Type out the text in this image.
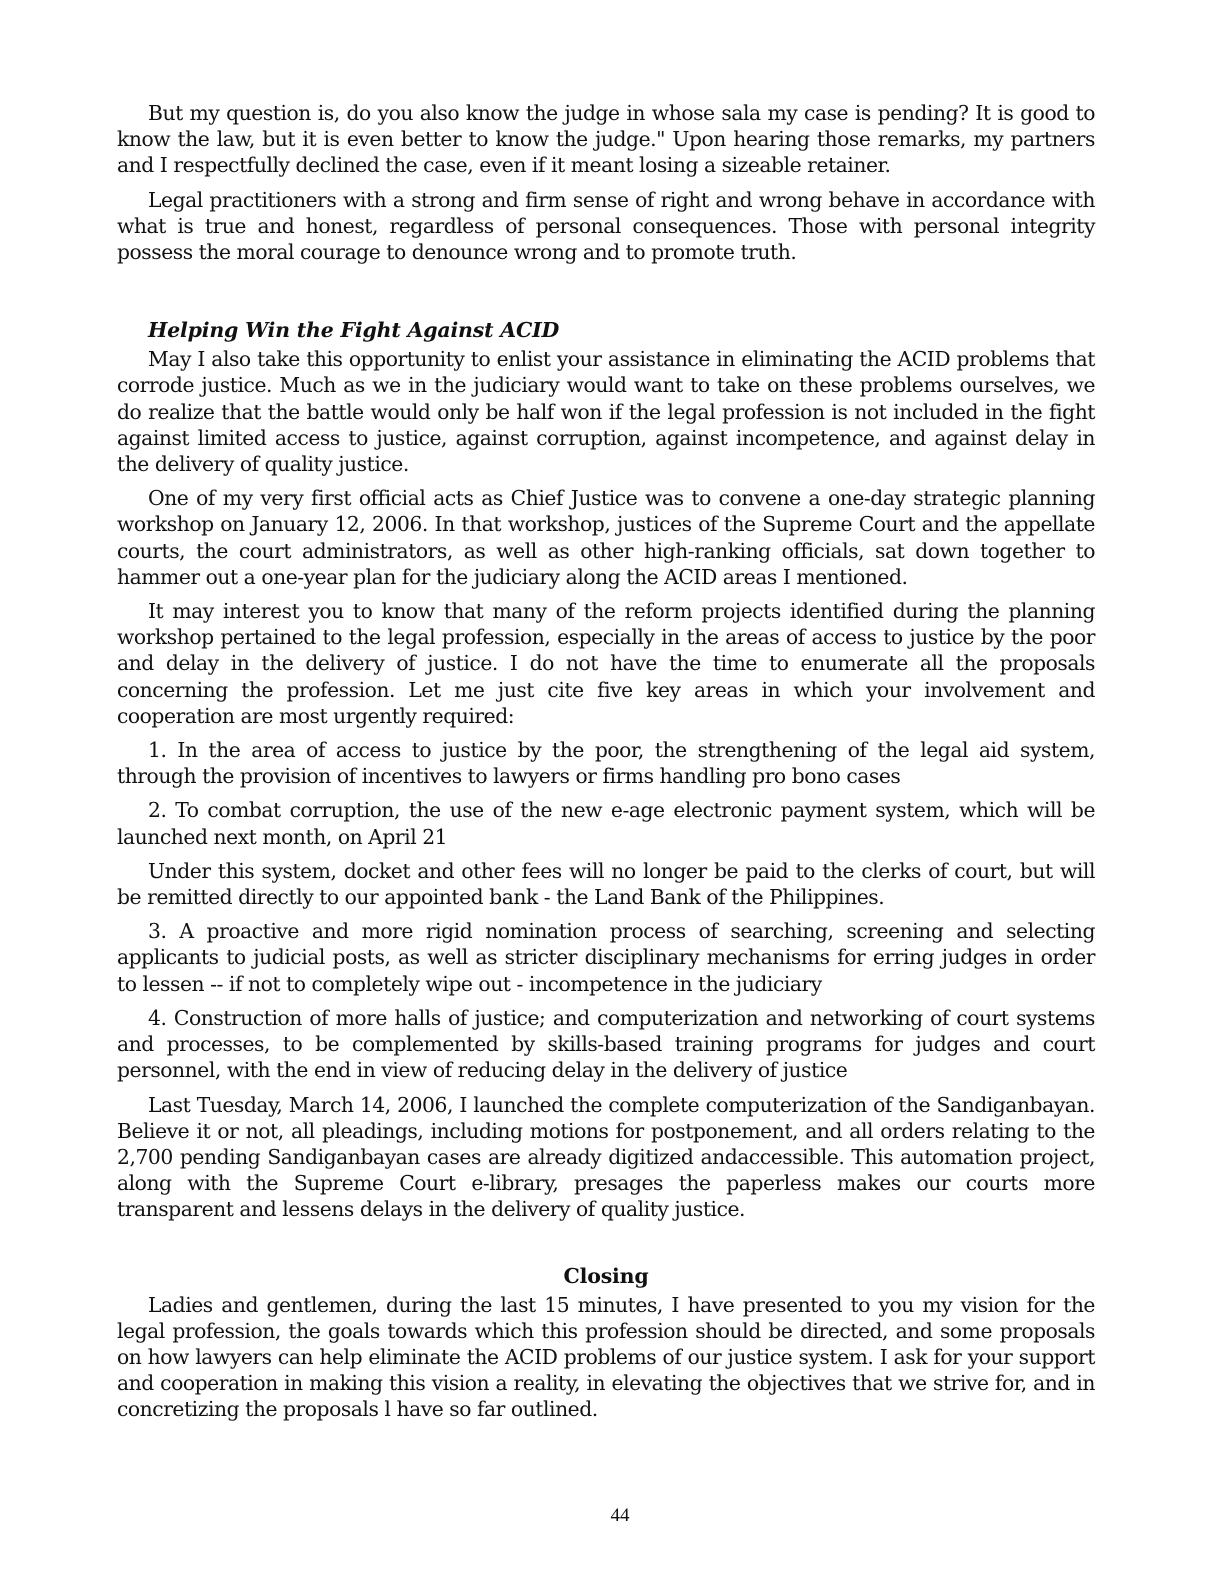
But my question is, do you also know the judge in whose sala my case is pending? It is good to know the law, but it is even better to know the judge." Upon hearing those remarks, my partners and I respectfully declined the case, even if it meant losing a sizeable retainer.

Legal practitioners with a strong and firm sense of right and wrong behave in accordance with what is true and honest, regardless of personal consequences. Those with personal integrity possess the moral courage to denounce wrong and to promote truth.

Helping Win the Fight Against ACID

May I also take this opportunity to enlist your assistance in eliminating the ACID problems that corrode justice. Much as we in the judiciary would want to take on these problems ourselves, we do realize that the battle would only be half won if the legal profession is not included in the fight against limited access to justice, against corruption, against incompetence, and against delay in the delivery of quality justice.

One of my very first official acts as Chief Justice was to convene a one-day strategic planning workshop on January 12, 2006. In that workshop, justices of the Supreme Court and the appellate courts, the court administrators, as well as other high-ranking officials, sat down together to hammer out a one-year plan for the judiciary along the ACID areas I mentioned.

It may interest you to know that many of the reform projects identified during the planning workshop pertained to the legal profession, especially in the areas of access to justice by the poor and delay in the delivery of justice. I do not have the time to enumerate all the proposals concerning the profession. Let me just cite five key areas in which your involvement and cooperation are most urgently required:

1. In the area of access to justice by the poor, the strengthening of the legal aid system, through the provision of incentives to lawyers or firms handling pro bono cases

2. To combat corruption, the use of the new e-age electronic payment system, which will be launched next month, on April 21

Under this system, docket and other fees will no longer be paid to the clerks of court, but will be remitted directly to our appointed bank - the Land Bank of the Philippines.

3. A proactive and more rigid nomination process of searching, screening and selecting applicants to judicial posts, as well as stricter disciplinary mechanisms for erring judges in order to lessen -- if not to completely wipe out - incompetence in the judiciary

4. Construction of more halls of justice; and computerization and networking of court systems and processes, to be complemented by skills-based training programs for judges and court personnel, with the end in view of reducing delay in the delivery of justice

Last Tuesday, March 14, 2006, I launched the complete computerization of the Sandiganbayan. Believe it or not, all pleadings, including motions for postponement, and all orders relating to the 2,700 pending Sandiganbayan cases are already digitized andaccessible. This automation project, along with the Supreme Court e-library, presages the paperless makes our courts more transparent and lessens delays in the delivery of quality justice.

Closing

Ladies and gentlemen, during the last 15 minutes, I have presented to you my vision for the legal profession, the goals towards which this profession should be directed, and some proposals on how lawyers can help eliminate the ACID problems of our justice system. I ask for your support and cooperation in making this vision a reality, in elevating the objectives that we strive for, and in concretizing the proposals l have so far outlined.

44
